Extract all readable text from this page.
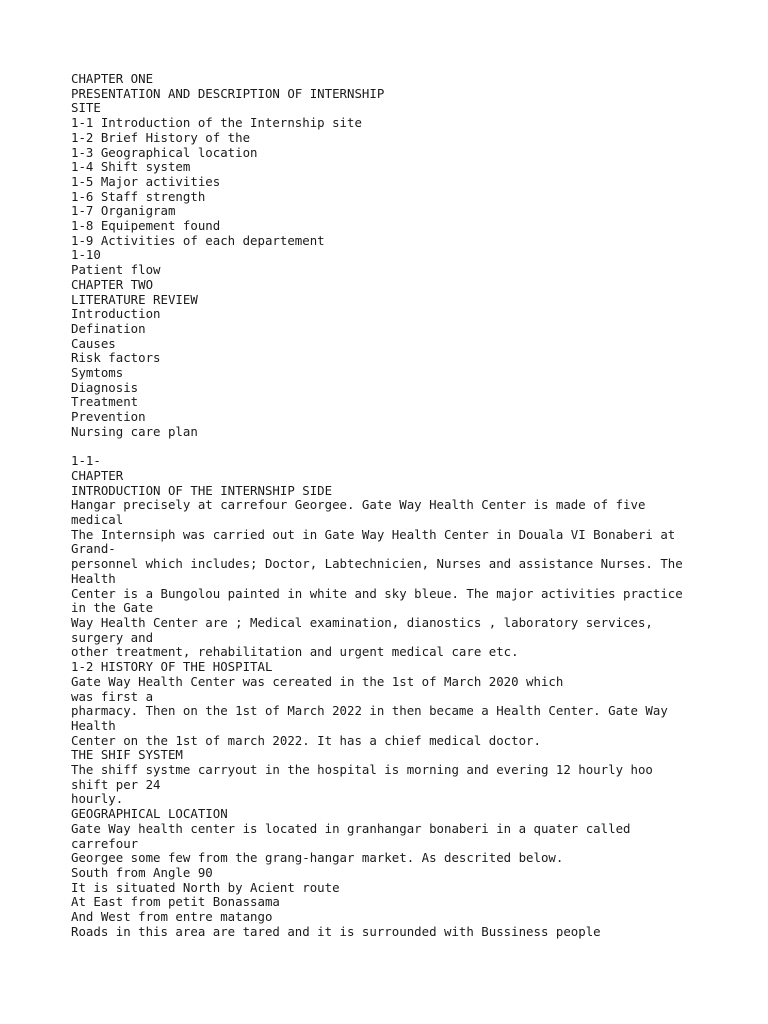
CHAPTER ONE
PRESENTATION AND DESCRIPTION OF INTERNSHIP
SITE
1-1 Introduction of the Internship site
1-2 Brief History of the
1-3 Geographical location
1-4 Shift system
1-5 Major activities
1-6 Staff strength
1-7 Organigram
1-8 Equipement found
1-9 Activities of each departement
1-10
Patient flow
CHAPTER TWO
LITERATURE REVIEW
Introduction
Defination
Causes
Risk factors
Symtoms
Diagnosis
Treatment
Prevention
Nursing care plan
1-1-
CHAPTER
INTRODUCTION OF THE INTERNSHIP SIDE
Hangar precisely at carrefour Georgee. Gate Way Health Center is made of five
medical
The Internsiph was carried out in Gate Way Health Center in Douala VI Bonaberi at
Grand-
personnel which includes; Doctor, Labtechnicien, Nurses and assistance Nurses. The
Health
Center is a Bungolou painted in white and sky bleue. The major activities practice
in the Gate
Way Health Center are ; Medical examination, dianostics , laboratory services,
surgery and
other treatment, rehabilitation and urgent medical care etc.
1-2 HISTORY OF THE HOSPITAL
Gate Way Health Center was cereated in the 1st of March 2020 which
was first a
pharmacy. Then on the 1st of March 2022 in then became a Health Center. Gate Way
Health
Center on the 1st of march 2022. It has a chief medical doctor.
THE SHIF SYSTEM
The shiff systme carryout in the hospital is morning and evering 12 hourly hoo
shift per 24
hourly.
GEOGRAPHICAL LOCATION
Gate Way health center is located in granhangar bonaberi in a quater called
carrefour
Georgee some few from the grang-hangar market. As descrited below.
South from Angle 90
It is situated North by Acient route
At East from petit Bonassama
And West from entre matango
Roads in this area are tared and it is surrounded with Bussiness people
